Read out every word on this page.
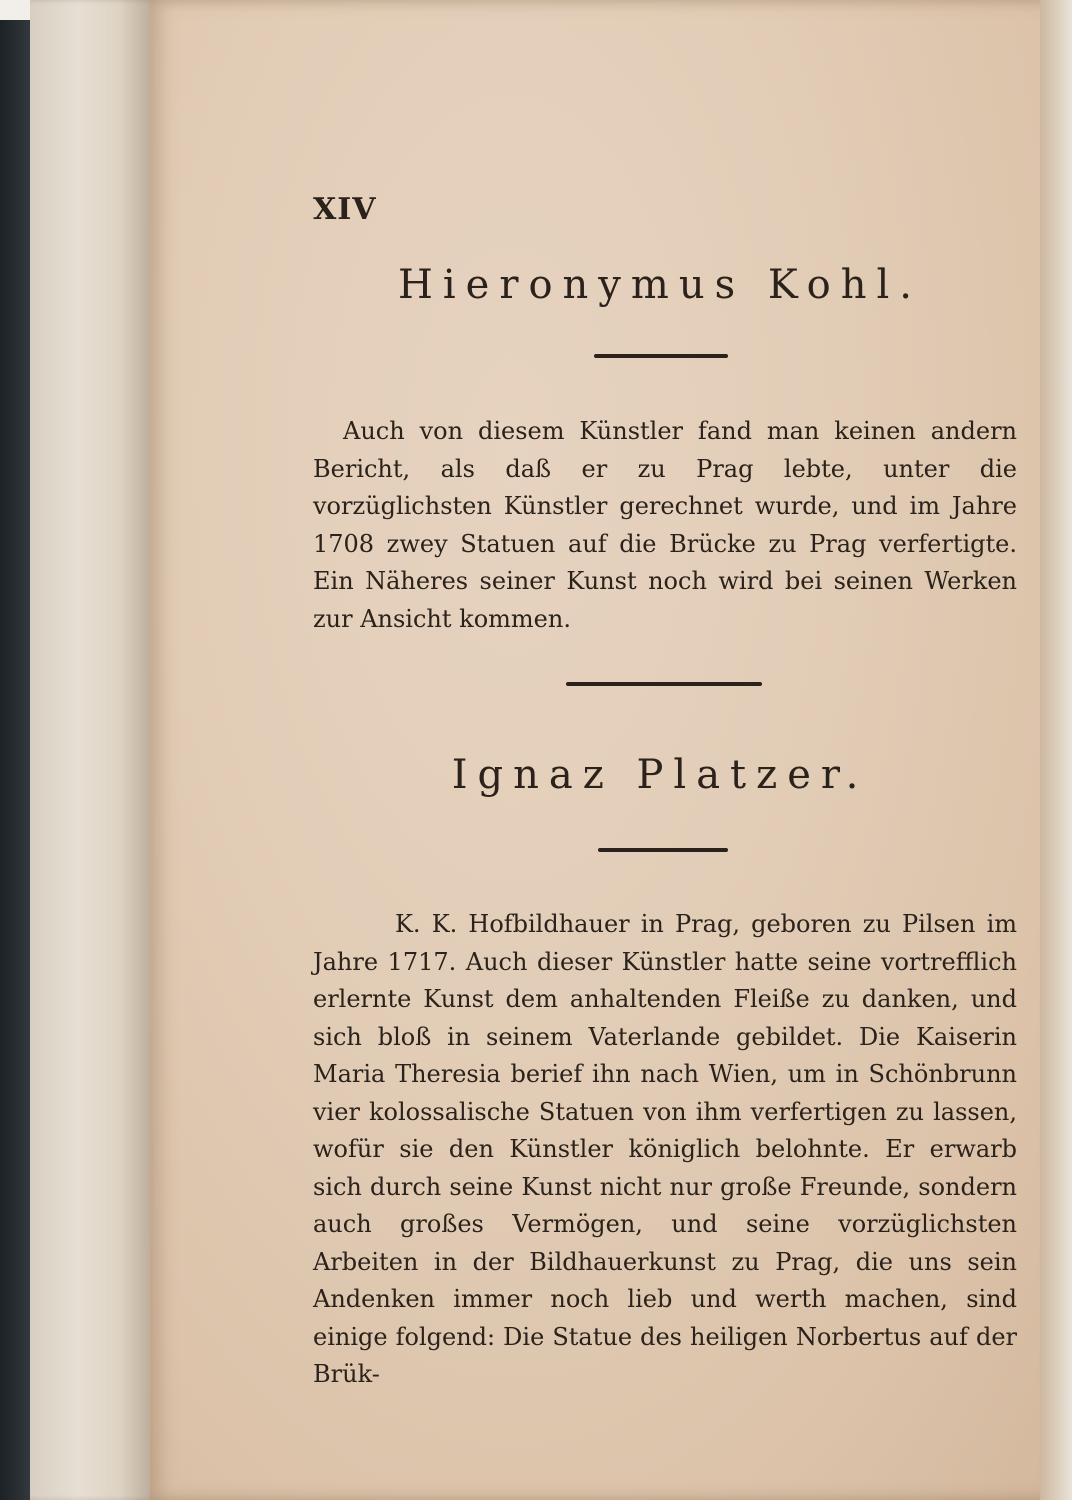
XIV
Hieronymus Kohl.
Auch von diesem Künstler fand man keinen andern Bericht, als daß er zu Prag lebte, unter die vorzüglichsten Künstler gerechnet wurde, und im Jahre 1708 zwey Statuen auf die Brücke zu Prag verfertigte. Ein Näheres seiner Kunst noch wird bei seinen Werken zur Ansicht kommen.
Ignaz Platzer.
K. K. Hofbildhauer in Prag, geboren zu Pilsen im Jahre 1717. Auch dieser Künstler hatte seine vortrefflich erlernte Kunst dem anhaltenden Fleiße zu danken, und sich bloß in seinem Vaterlande gebildet. Die Kaiserin Maria Theresia berief ihn nach Wien, um in Schönbrunn vier kolossalische Statuen von ihm verfertigen zu lassen, wofür sie den Künstler königlich belohnte. Er erwarb sich durch seine Kunst nicht nur große Freunde, sondern auch großes Vermögen, und seine vorzüglichsten Arbeiten in der Bildhauerkunst zu Prag, die uns sein Andenken immer noch lieb und werth machen, sind einige folgend: Die Statue des heiligen Norbertus auf der Brük-
